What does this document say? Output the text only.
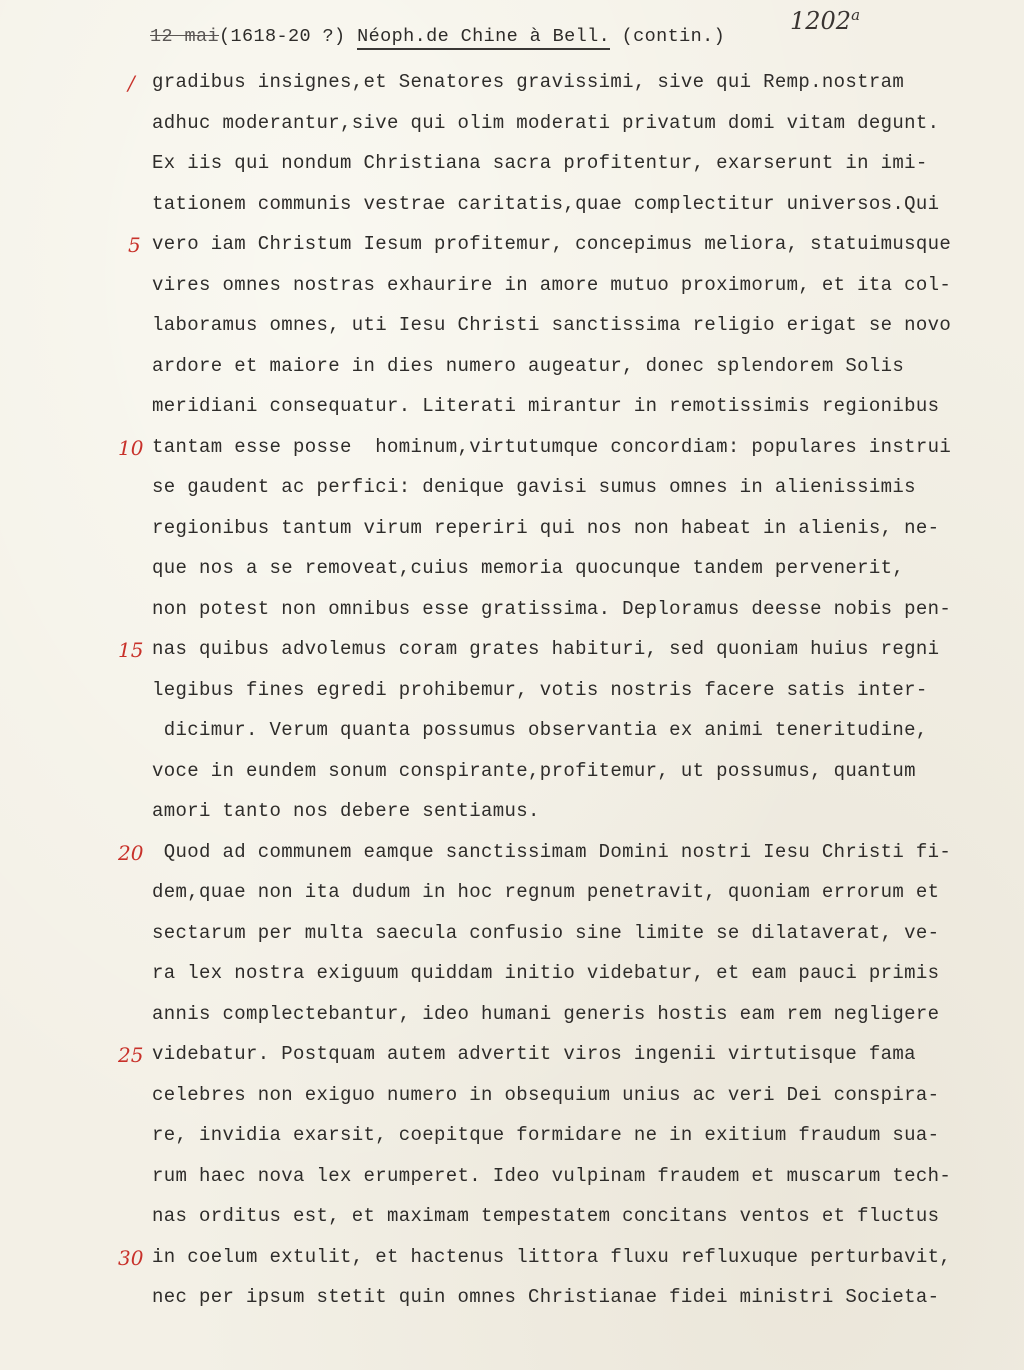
12 mai(1618-20 ?) Néoph.de Chine à Bell. (contin.)
1202$^a$
gradibus insignes,et Senatores gravissimi, sive qui Remp.nostram
adhuc moderantur,sive qui olim moderati privatum domi vitam degunt.
Ex iis qui nondum Christiana sacra profitentur, exarserunt in imi-
tationem communis vestrae caritatis,quae complectitur universos.Qui
vero iam Christum Iesum profitemur, concepimus meliora, statuimusque
vires omnes nostras exhaurire in amore mutuo proximorum, et ita col-
laboramus omnes, uti Iesu Christi sanctissima religio erigat se novo
ardore et maiore in dies numero augeatur, donec splendorem Solis
meridiani consequatur. Literati mirantur in remotissimis regionibus
tantam esse posse  hominum,virtutumque concordiam: populares instrui
se gaudent ac perfici: denique gavisi sumus omnes in alienissimis
regionibus tantum virum reperiri qui nos non habeat in alienis, ne-
que nos a se removeat,cuius memoria quocunque tandem pervenerit,
non potest non omnibus esse gratissima. Deploramus deesse nobis pen-
nas quibus advolemus coram grates habituri, sed quoniam huius regni
legibus fines egredi prohibemur, votis nostris facere satis inter-
dicimur. Verum quanta possumus observantia ex animi teneritudine,
voce in eundem sonum conspirante,profitemur, ut possumus, quantum
amori tanto nos debere sentiamus.
Quod ad communem eamque sanctissimam Domini nostri Iesu Christi fi-
dem,quae non ita dudum in hoc regnum penetravit, quoniam errorum et
sectarum per multa saecula confusio sine limite se dilataverat, ve-
ra lex nostra exiguum quiddam initio videbatur, et eam pauci primis
annis complectebantur, ideo humani generis hostis eam rem negligere
videbatur. Postquam autem advertit viros ingenii virtutisque fama
celebres non exiguo numero in obsequium unius ac veri Dei conspira-
re, invidia exarsit, coepitque formidare ne in exitium fraudum sua-
rum haec nova lex erumperet. Ideo vulpinam fraudem et muscarum tech-
nas orditus est, et maximam tempestatem concitans ventos et fluctus
in coelum extulit, et hactenus littora fluxu refluxuque perturbavit,
nec per ipsum stetit quin omnes Christianae fidei ministri Societa-
/
5
10
15
20
25
30
